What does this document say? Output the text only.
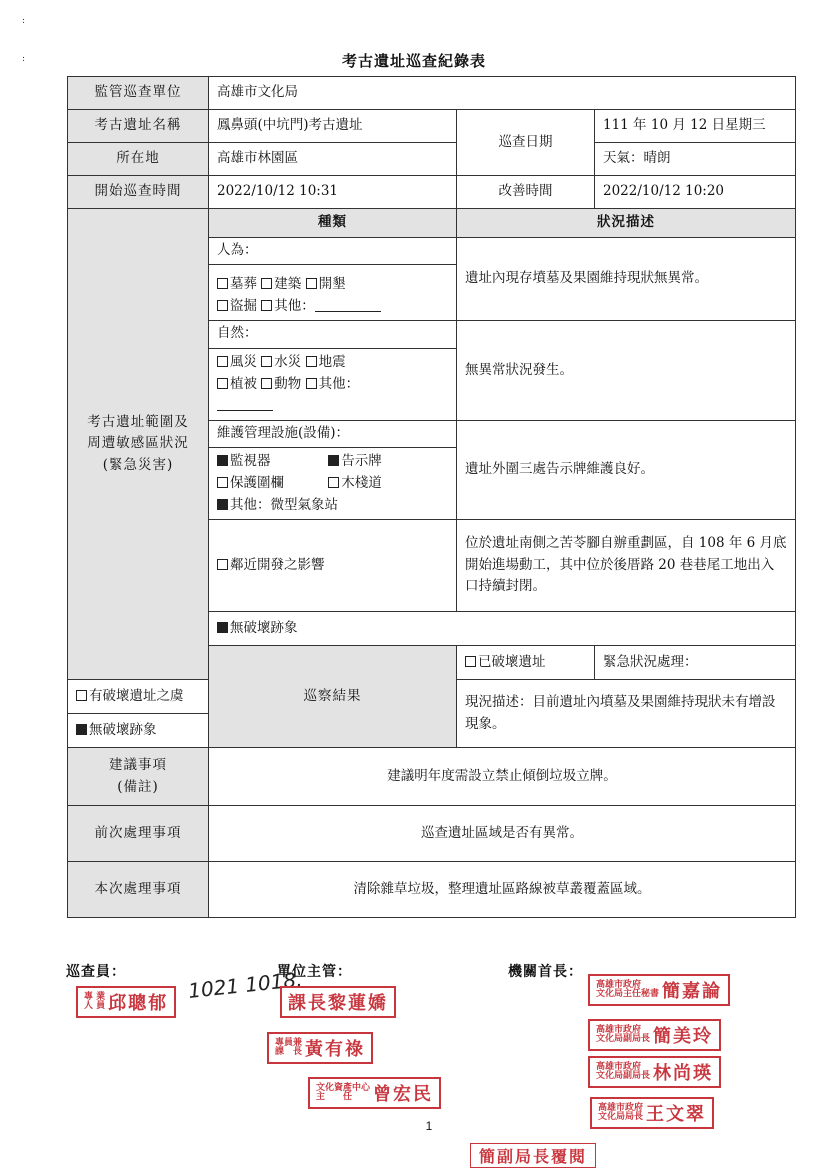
:
:	考古遺址巡查紀錄表
監管巡查單位	高雄市文化局		
考古遺址名稱	鳳鼻頭(中坑門)考古遺址	巡查日期	111 年 10 月 12 日星期三
所在地	高雄市林園區		天氣：晴朗
開始巡查時間	2022/10/12 10:31	改善時間	2022/10/12 10:20

考古遺址範圍及
周遭敏感區狀況
(緊急災害)	種類	狀況描述	

	人為：
墓葬 建築 開墾
盜掘 其他：	遺址內現存墳墓及果園維持現狀無異常。	

	自然：
風災 水災 地震
植被 動物 其他：	無異常狀況發生。	

	維護管理設施(設備)：
監視器 告示牌
保護圍欄 木棧道
其他：微型氣象站	遺址外圍三處告示牌維護良好。	
	鄰近開發之影響	位於遺址南側之苦苓腳自辦重劃區，自 108 年 6 月底開始進場動工，其中位於後厝路 20 巷巷尾工地出入口持續封閉。	
	無破壞跡象		
	巡察結果	已破壞遺址	緊急狀況處理：
有破壞遺址之虞		現況描述：目前遺址內墳墓及果園維持現狀未有增設現象。	
無破壞跡象			

建議事項
(備註)	建議明年度需設立禁止傾倒垃圾立牌。		
前次處理事項	巡查遺址區域是否有異常。		
本次處理事項	清除雜草垃圾，整理遺址區路線被草叢覆蓋區域。		
巡查員：	單位主管：	機關首長：
專 業
人 員 邱聰郁
1021 1018.
課長黎蓮嬌
專員兼
課　長 黃有祿
文化資產中心
主　　任 曾宏民
高雄市政府
文化局主任秘書 簡嘉論
高雄市政府
文化局副局長 簡美玲
高雄市政府
文化局副局長 林尚瑛
高雄市政府
文化局局長 王文翠
1
簡副局長覆閱
